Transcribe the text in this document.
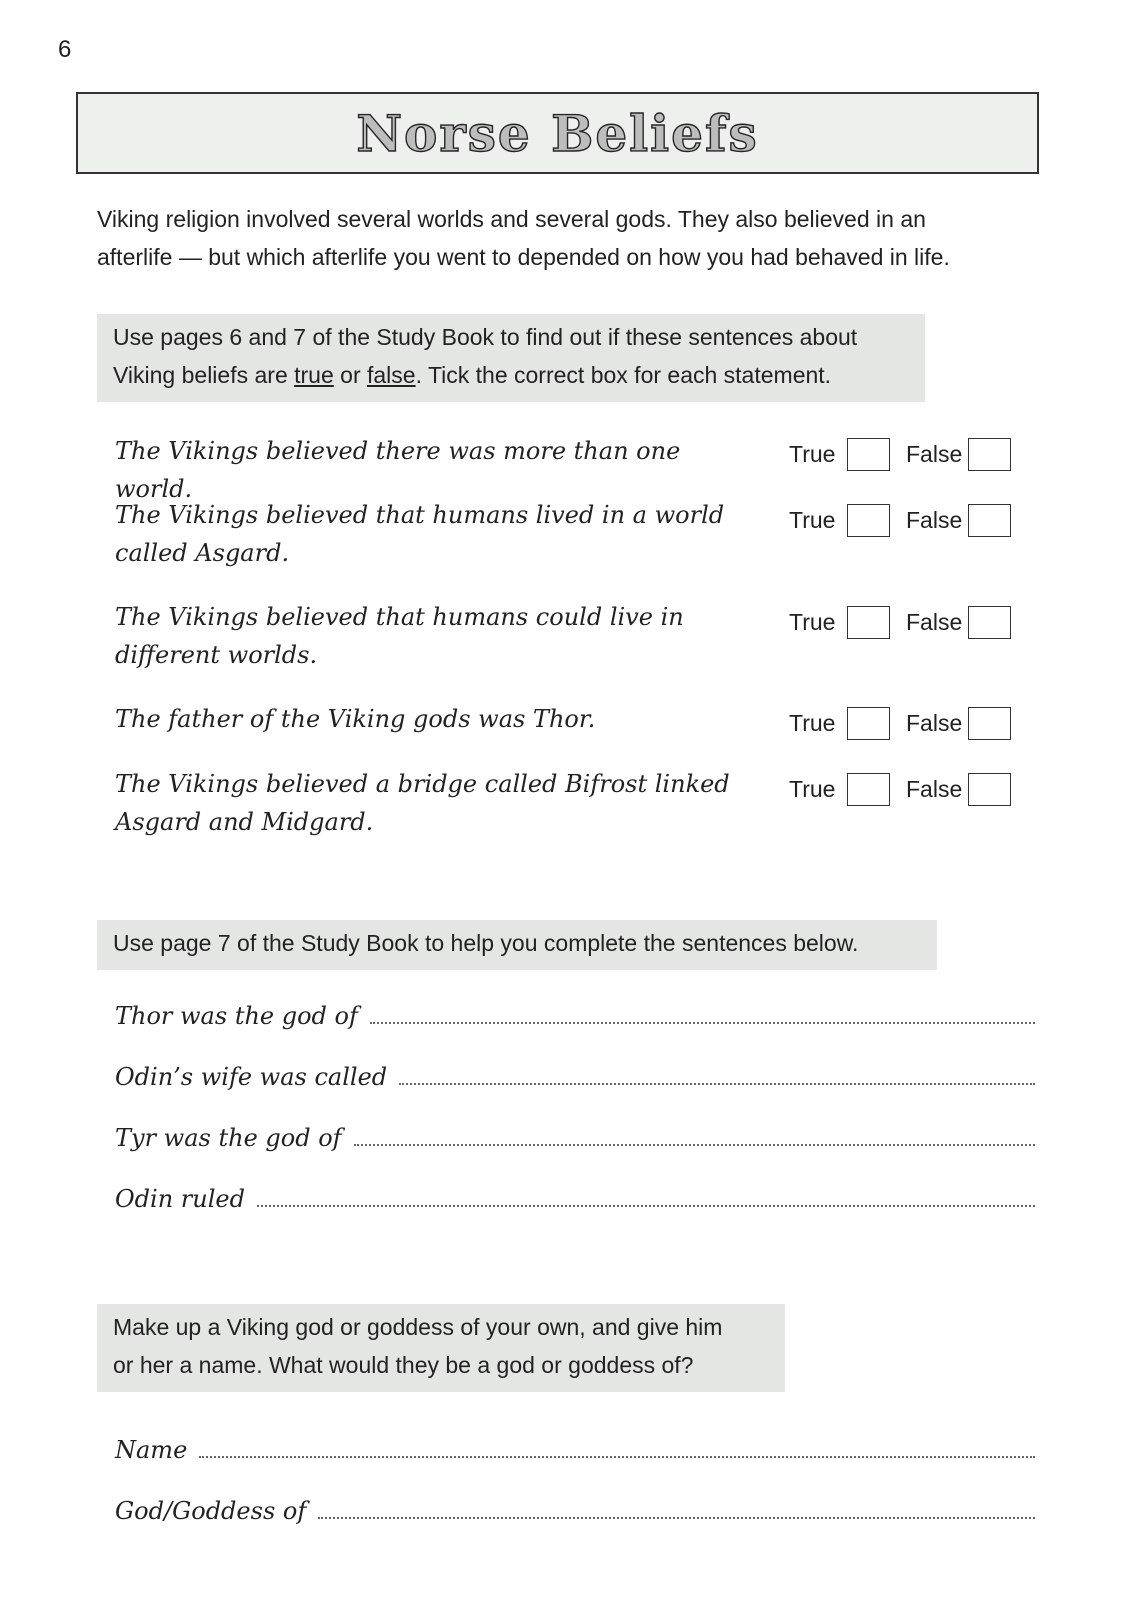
6
Norse Beliefs
Viking religion involved several worlds and several gods. They also believed in an
afterlife — but which afterlife you went to depended on how you had behaved in life.
Use pages 6 and 7 of the Study Book to find out if these sentences about
Viking beliefs are true or false. Tick the correct box for each statement.
The Vikings believed there was more than one world.
True	False
The Vikings believed that humans lived in a world
called Asgard.
True	False
The Vikings believed that humans could live in
different worlds.
True	False
The father of the Viking gods was Thor.	True	False
The Vikings believed a bridge called Bifrost linked
Asgard and Midgard.
True	False
Use page 7 of the Study Book to help you complete the sentences below.
Thor was the god of
Odin’s wife was called
Tyr was the god of
Odin ruled
Make up a Viking god or goddess of your own, and give him
or her a name. What would they be a god or goddess of?
Name
God/Goddess of
